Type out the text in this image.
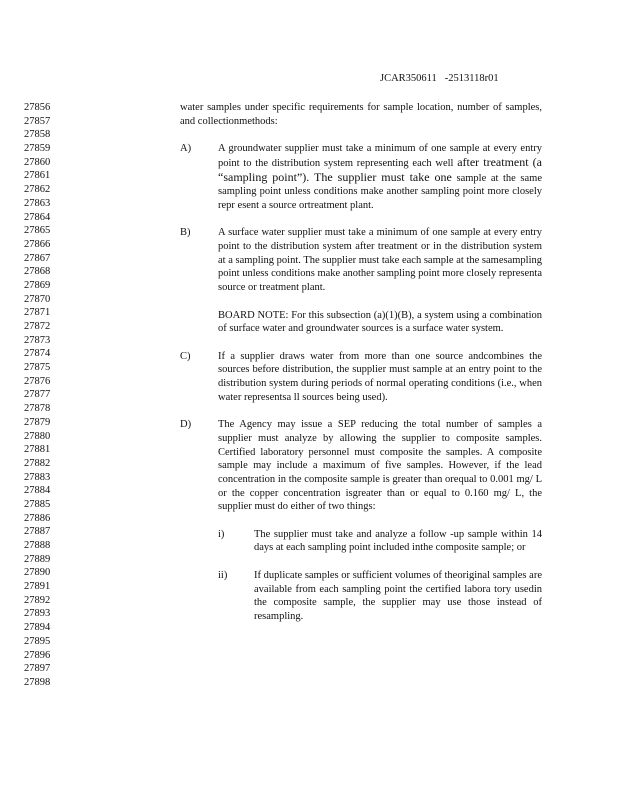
JCAR350611 -2513118r01
27856
27857
27858
27859
27860
27861
27862
27863
27864
27865
27866
27867
27868
27869
27870
27871
27872
27873
27874
27875
27876
27877
27878
27879
27880
27881
27882
27883
27884
27885
27886
27887
27888
27889
27890
27891
27892
27893
27894
27895
27896
27897
27898

water samples under specific requirements for sample location, number of samples, and collectionmethods:

A)	A groundwater supplier must take a minimum of one sample at every entry point to the distribution system representing each well after treatment (a “sampling point”). The supplier must take one sample at the same sampling point unless conditions make another sampling point more closely repr esent a source ortreatment plant.

B)	A surface water supplier must take a minimum of one sample at every entry point to the distribution system after treatment or in the distribution system at a sampling point. The supplier must take each sample at the samesampling point unless conditions make another sampling point more closely representa source or treatment plant.

BOARD NOTE: For this subsection (a)(1)(B), a system using a combination of surface water and groundwater sources is a surface water system.

C)	If a supplier draws water from more than one source andcombines the sources before distribution, the supplier must sample at an entry point to the distribution system during periods of normal operating conditions (i.e., when water representsa ll sources being used).

D)	The Agency may issue a SEP reducing the total number of samples a supplier must analyze by allowing the supplier to composite samples. Certified laboratory personnel must composite the samples. A composite sample may include a maximum of five samples. However, if the lead concentration in the composite sample is greater than orequal to 0.001 mg/ L or the copper concentration isgreater than or equal to 0.160 mg/ L, the supplier must do either of two things:

i)	The supplier must take and analyze a follow -up sample within 14 days at each sampling point included inthe composite sample; or

ii)	If duplicate samples or sufficient volumes of theoriginal samples are available from each sampling point the certified labora tory usedin the composite sample, the supplier may use those instead of resampling.
